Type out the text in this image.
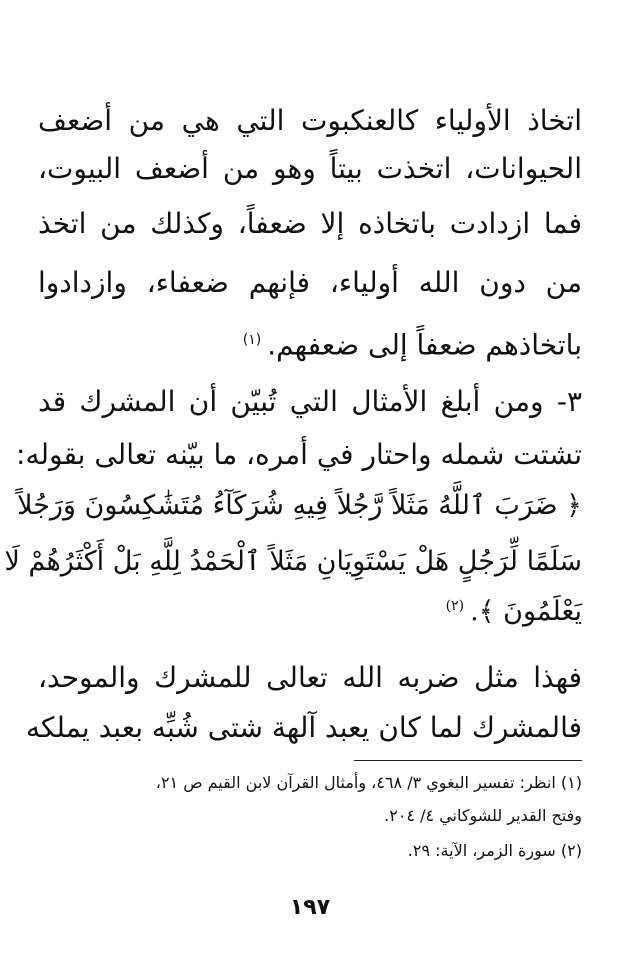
اتخاذ الأولياء كالعنكبوت التي هي من أضعف
الحيوانات، اتخذت بيتاً وهو من أضعف البيوت،
فما ازدادت باتخاذه إلا ضعفاً، وكذلك من اتخذ
من دون الله أولياء، فإنهم ضعفاء، وازدادوا
باتخاذهم ضعفاً إلى ضعفهم.$^{(١)}$
٣- ومن أبلغ الأمثال التي تُبيّن أن المشرك قد
تشتت شمله واحتار في أمره، ما بيّنه تعالى بقوله:
﴿ ضَرَبَ ٱللَّهُ مَثَلاً رَّجُلاً فِيهِ شُرَكَآءُ مُتَشَٰكِسُونَ وَرَجُلاً
سَلَمًا لِّرَجُلٍ هَلْ يَسْتَوِيَانِ مَثَلاً ٱلْحَمْدُ لِلَّهِ بَلْ أَكْثَرُهُمْ لَا
يَعْلَمُونَ ﴾.$^{(٢)}$
فهذا مثل ضربه الله تعالى للمشرك والموحد،
فالمشرك لما كان يعبد آلهة شتى شُبِّه بعبد يملكه
(١) انظر: تفسير البغوي ٣/ ٤٦٨، وأمثال القرآن لابن القيم ص ٢١،
وفتح القدير للشوكاني ٤/ ٢٠٤.
(٢) سورة الزمر، الآية: ٢٩.
١٩٧
